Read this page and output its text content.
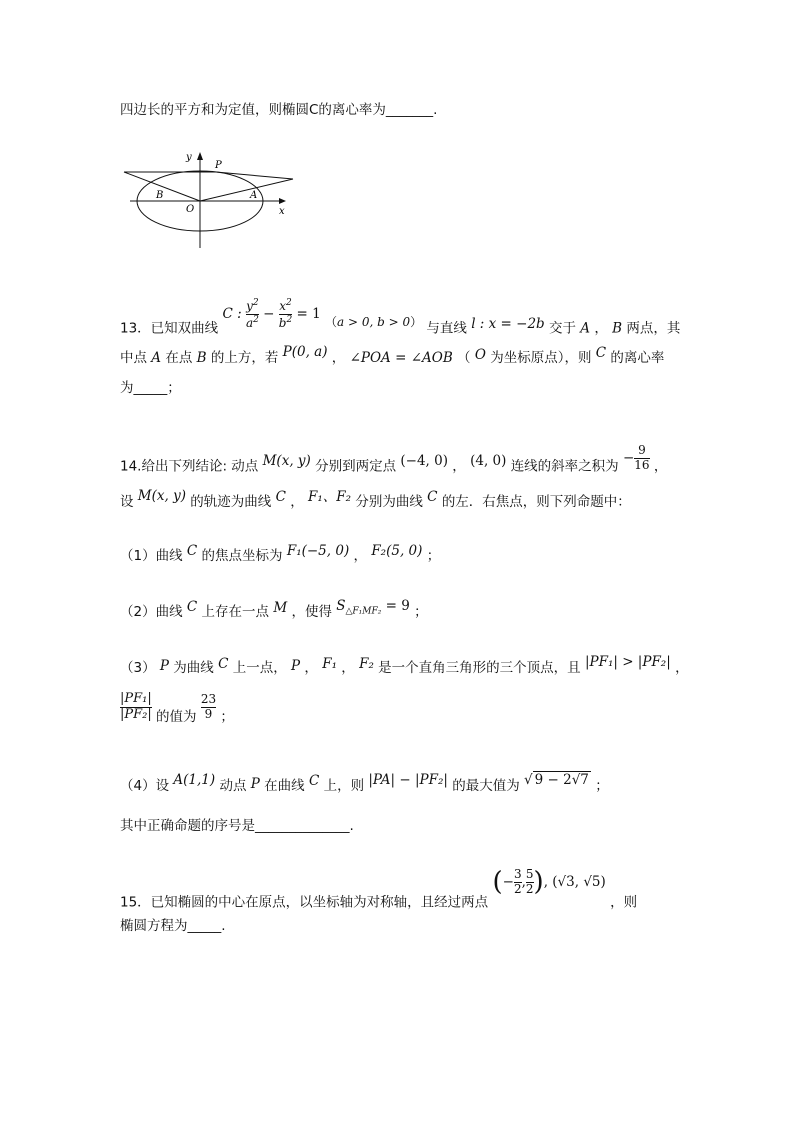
四边长的平方和为定值，则椭圆C的离心率为_______.
y
P
B	A
O	x
13．已知双曲线 C : $\frac{y^2}{a^2} - \frac{x^2}{b^2} = 1$ （a > 0, b > 0） 与直线 l : x = −2b 交于 A ， B 两点，其
中点 A 在点 B 的上方，若 P(0, a) ， ∠POA = ∠AOB （ O 为坐标原点），则 C 的离心率
为_____；
14.给出下列结论: 动点 M(x, y) 分别到两定点 (−4, 0) ， (4, 0) 连线的斜率之积为 − $\frac{9}{16}$ ，
设 M(x, y) 的轨迹为曲线 C ， F₁、F₂ 分别为曲线 C 的左．右焦点，则下列命题中：
（1）曲线 C 的焦点坐标为 F₁(−5, 0) ， F₂(5, 0) ；
（2）曲线 C 上存在一点 M ，使得 $S_{\triangle F_1MF_2} = 9$ ；
（3） P 为曲线 C 上一点， P ， F₁ ， F₂ 是一个直角三角形的三个顶点，且 |PF₁| > |PF₂| ，
$\frac{\text{|PF₁|}}{\text{|PF₂|}}$ 的值为 $\frac{23}{9}$ ；
（4）设 A(1,1) 动点 P 在曲线 C 上，则 |PA| − |PF₂| 的最大值为 √ 9 − 2√7 ；
其中正确命题的序号是______________.
15．已知椭圆的中心在原点，以坐标轴为对称轴，且经过两点 (− $\frac{3}{2}$ , $\frac{5}{2}$ ), (√3, √5) ，则
椭圆方程为_____.
